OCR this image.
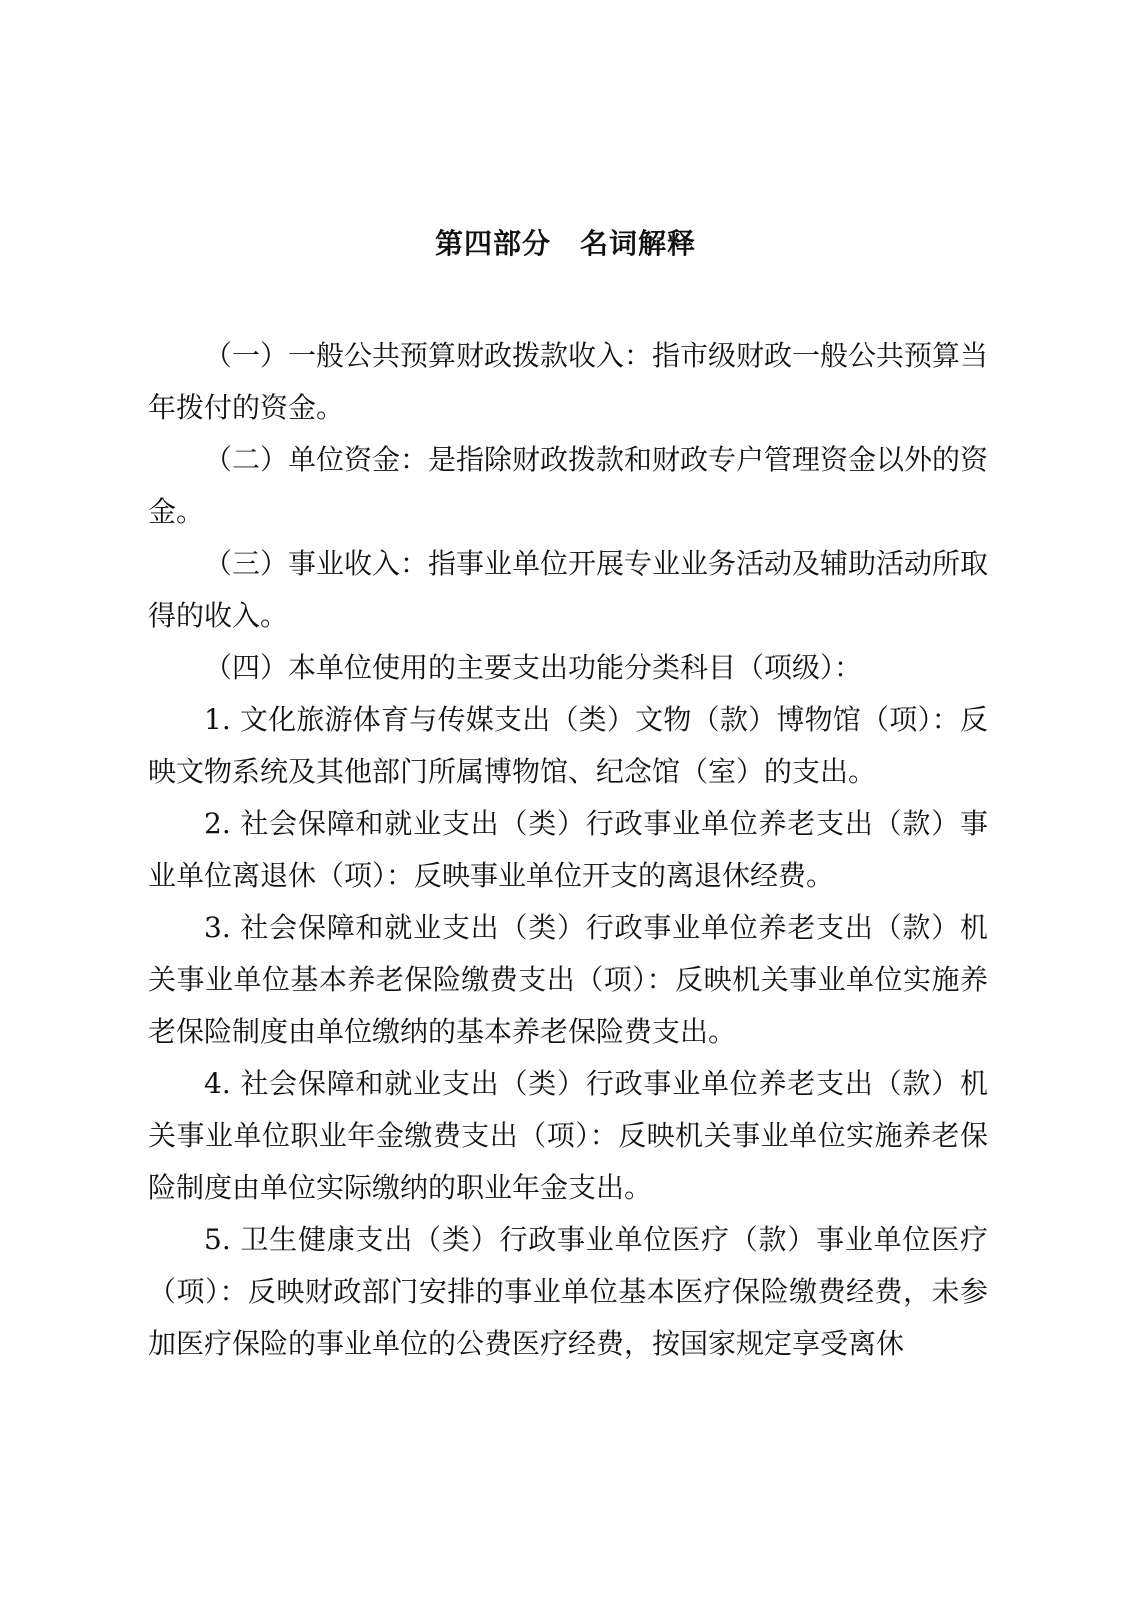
第四部分　名词解释

（一）一般公共预算财政拨款收入：指市级财政一般公共预算当年拨付的资金。

（二）单位资金：是指除财政拨款和财政专户管理资金以外的资金。

（三）事业收入：指事业单位开展专业业务活动及辅助活动所取得的收入。

（四）本单位使用的主要支出功能分类科目（项级）：

1. 文化旅游体育与传媒支出（类）文物（款）博物馆（项）：反映文物系统及其他部门所属博物馆、纪念馆（室）的支出。

2. 社会保障和就业支出（类）行政事业单位养老支出（款）事业单位离退休（项）：反映事业单位开支的离退休经费。

3. 社会保障和就业支出（类）行政事业单位养老支出（款）机关事业单位基本养老保险缴费支出（项）：反映机关事业单位实施养老保险制度由单位缴纳的基本养老保险费支出。

4. 社会保障和就业支出（类）行政事业单位养老支出（款）机关事业单位职业年金缴费支出（项）：反映机关事业单位实施养老保险制度由单位实际缴纳的职业年金支出。

5. 卫生健康支出（类）行政事业单位医疗（款）事业单位医疗（项）：反映财政部门安排的事业单位基本医疗保险缴费经费，未参加医疗保险的事业单位的公费医疗经费，按国家规定享受离休
